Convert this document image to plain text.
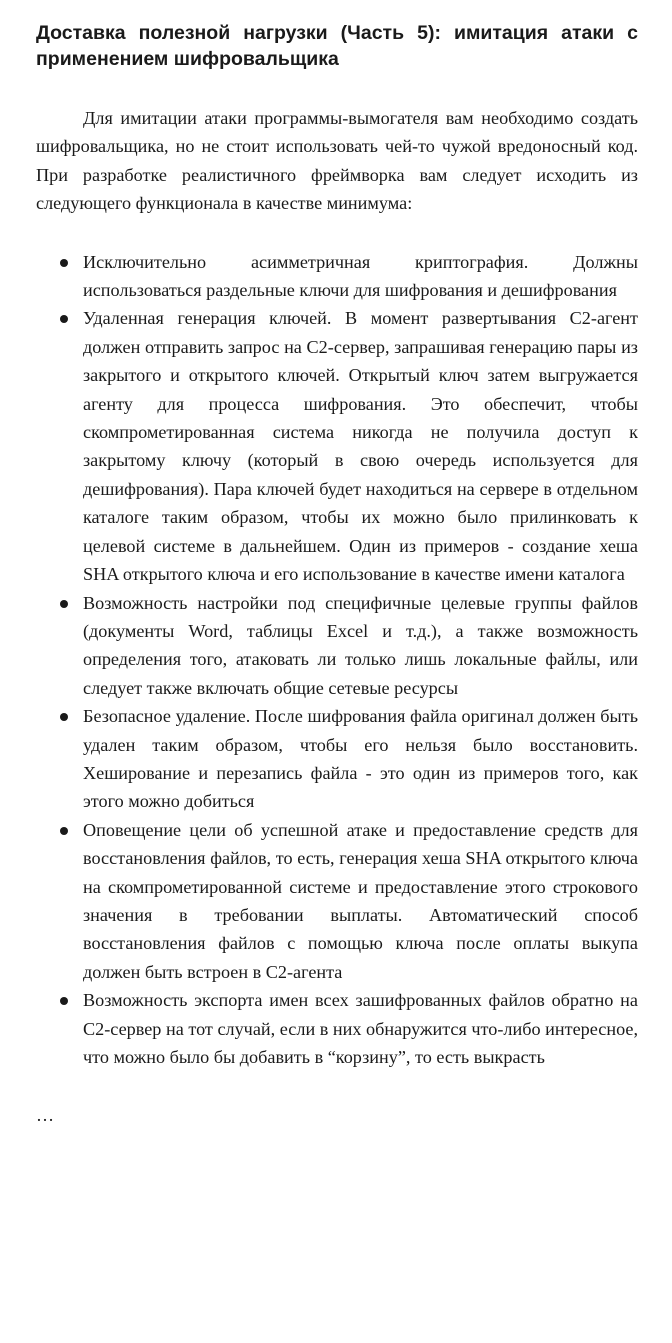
Доставка полезной нагрузки (Часть 5): имитация атаки с применением шифровальщика

Для имитации атаки программы-вымогателя вам необходимо создать шифровальщика, но не стоит использовать чей-то чужой вредоносный код. При разработке реалистичного фреймворка вам следует исходить из следующего функционала в качестве минимума:

Исключительно асимметричная криптография. Должны использоваться раздельные ключи для шифрования и дешифрования
Удаленная генерация ключей. В момент развертывания C2-агент должен отправить запрос на C2-сервер, запрашивая генерацию пары из закрытого и открытого ключей. Открытый ключ затем выгружается агенту для процесса шифрования. Это обеспечит, чтобы скомпрометированная система никогда не получила доступ к закрытому ключу (который в свою очередь используется для дешифрования). Пара ключей будет находиться на сервере в отдельном каталоге таким образом, чтобы их можно было прилинковать к целевой системе в дальнейшем. Один из примеров - создание хеша SHA открытого ключа и его использование в качестве имени каталога
Возможность настройки под специфичные целевые группы файлов (документы Word, таблицы Excel и т.д.), а также возможность определения того, атаковать ли только лишь локальные файлы, или следует также включать общие сетевые ресурсы
Безопасное удаление. После шифрования файла оригинал должен быть удален таким образом, чтобы его нельзя было восстановить. Хеширование и перезапись файла - это один из примеров того, как этого можно добиться
Оповещение цели об успешной атаке и предоставление средств для восстановления файлов, то есть, генерация хеша SHA открытого ключа на скомпрометированной системе и предоставление этого строкового значения в требовании выплаты. Автоматический способ восстановления файлов с помощью ключа после оплаты выкупа должен быть встроен в C2-агента
Возможность экспорта имен всех зашифрованных файлов обратно на C2-сервер на тот случай, если в них обнаружится что-либо интересное, что можно было бы добавить в “корзину”, то есть выкрасть

…
